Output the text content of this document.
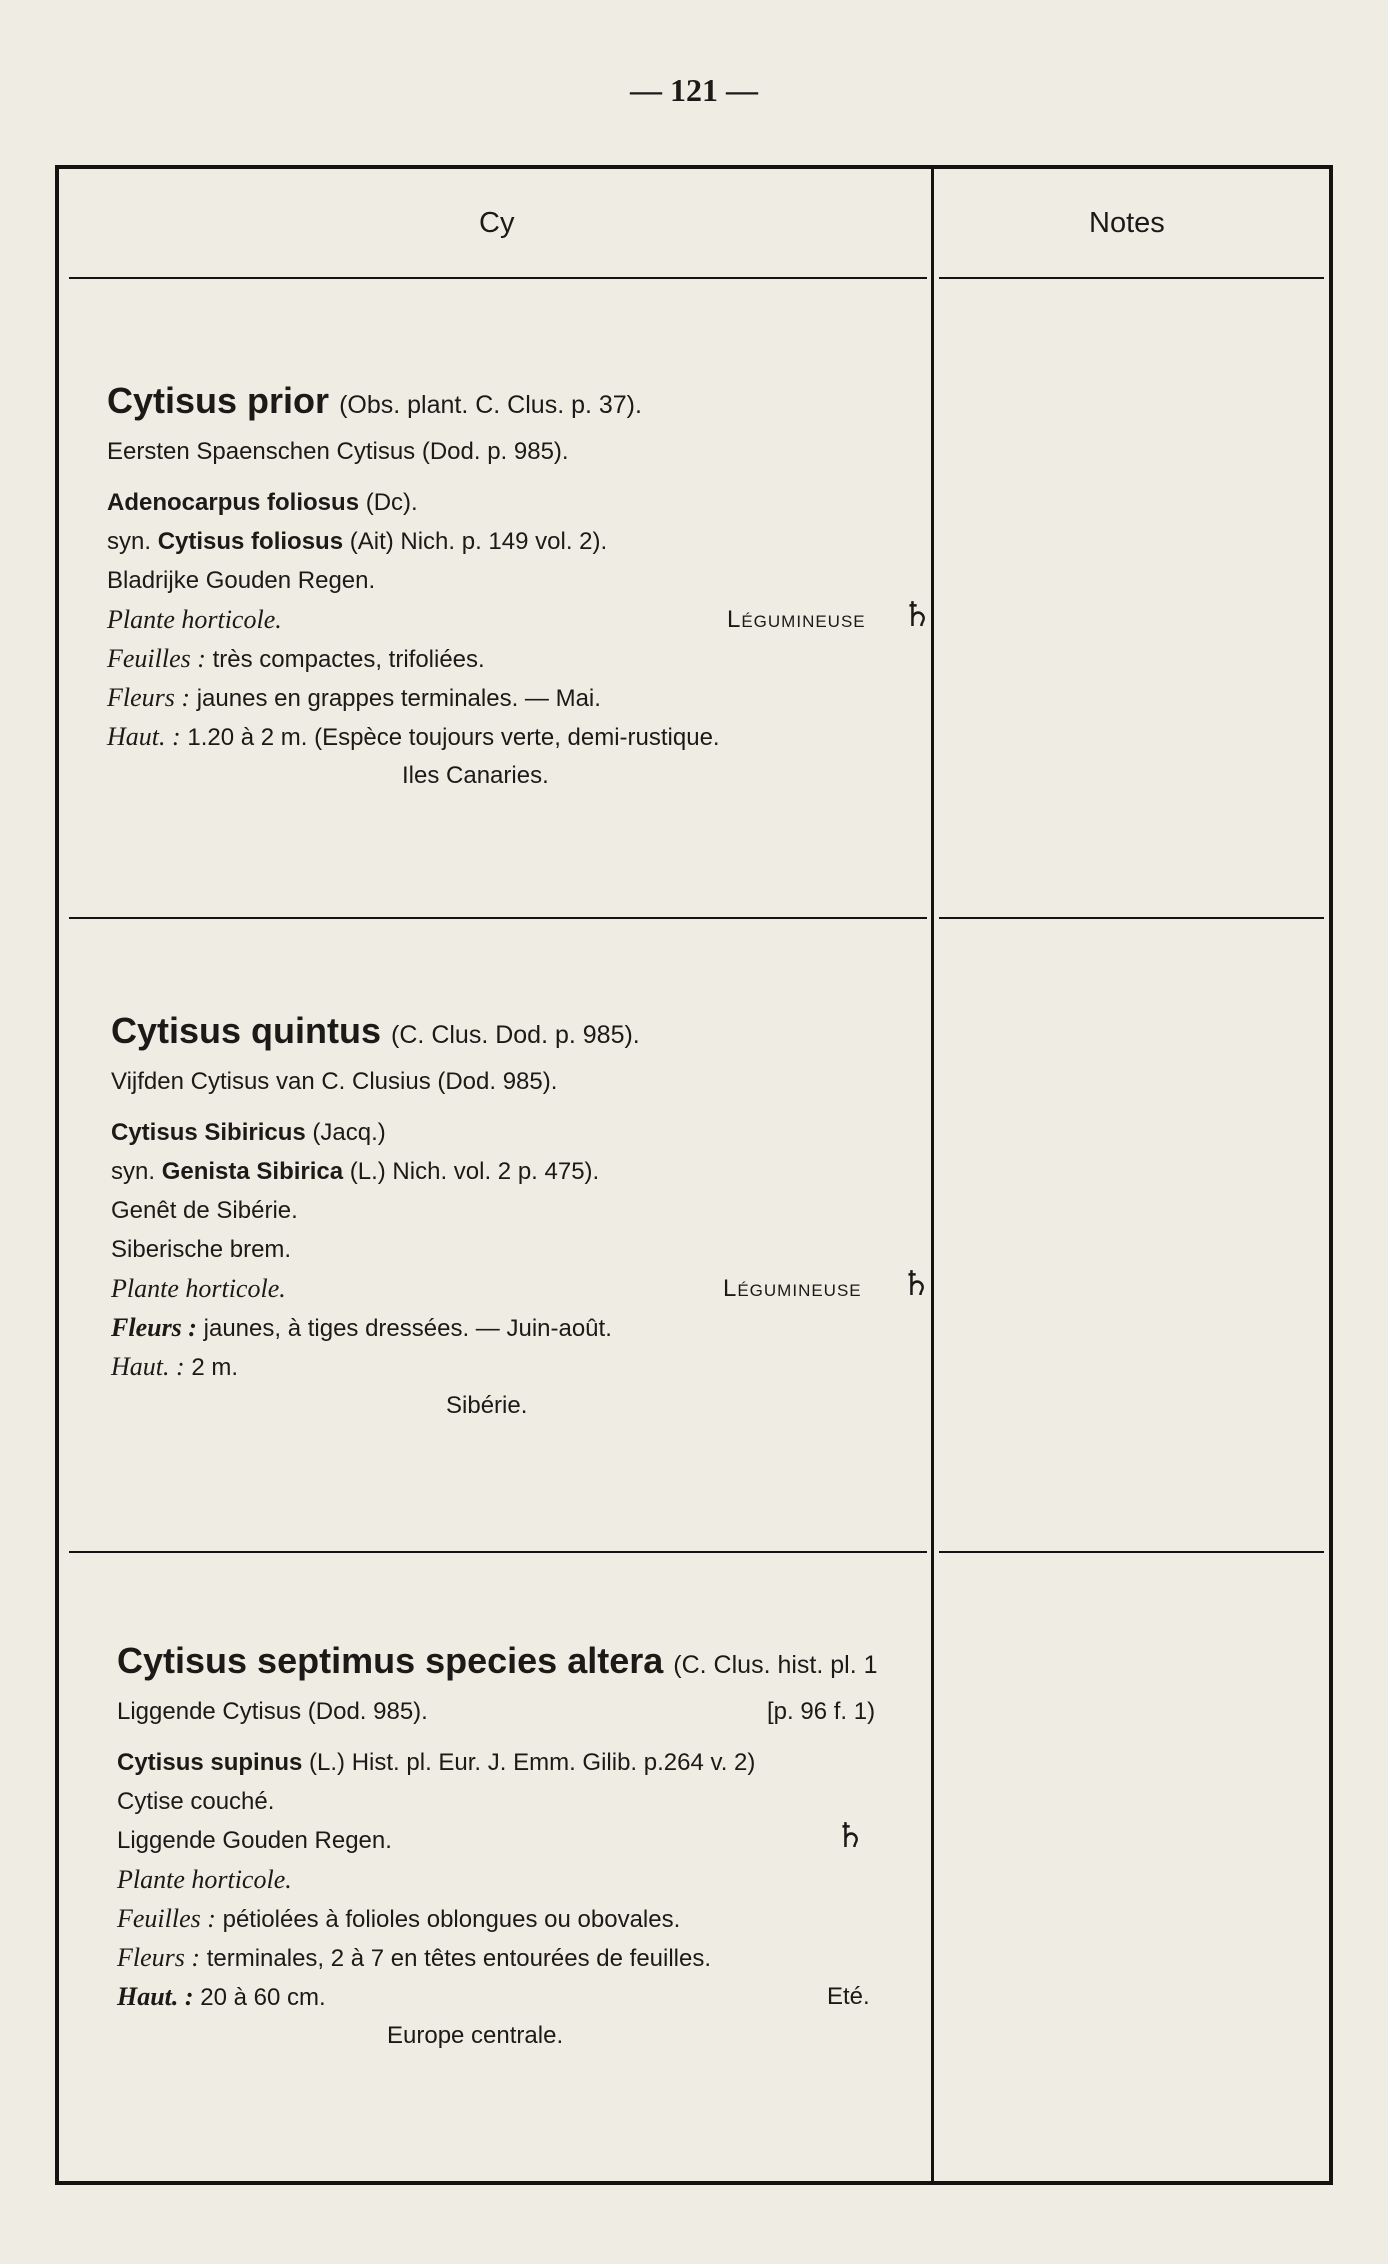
— 121 —
Cy	Notes
Cytisus prior (Obs. plant. C. Clus. p. 37).
Eersten Spaenschen Cytisus (Dod. p. 985).
Adenocarpus foliosus (Dc).
syn. Cytisus foliosus (Ait) Nich. p. 149 vol. 2).
Bladrijke Gouden Regen.
Plante horticole.	Légumineuse ♄
Feuilles : très compactes, trifoliées.
Fleurs : jaunes en grappes terminales. — Mai.
Haut. : 1.20 à 2 m. (Espèce toujours verte, demi-rustique.
Iles Canaries.
Cytisus quintus (C. Clus. Dod. p. 985).
Vijfden Cytisus van C. Clusius (Dod. 985).
Cytisus Sibiricus (Jacq.)
syn. Genista Sibirica (L.) Nich. vol. 2 p. 475).
Genêt de Sibérie.
Siberische brem.
Plante horticole.	Légumineuse ♄
Fleurs : jaunes, à tiges dressées. — Juin-août.
Haut. : 2 m.
Sibérie.
Cytisus septimus species altera (C. Clus. hist. pl. 1
Liggende Cytisus (Dod. 985).	[p. 96 f. 1)
Cytisus supinus (L.) Hist. pl. Eur. J. Emm. Gilib. p.264 v. 2)
Cytise couché.
Liggende Gouden Regen.	♄
Plante horticole.
Feuilles : pétiolées à folioles oblongues ou obovales.
Fleurs : terminales, 2 à 7 en têtes entourées de feuilles.
Haut. : 20 à 60 cm.	Eté.
Europe centrale.
